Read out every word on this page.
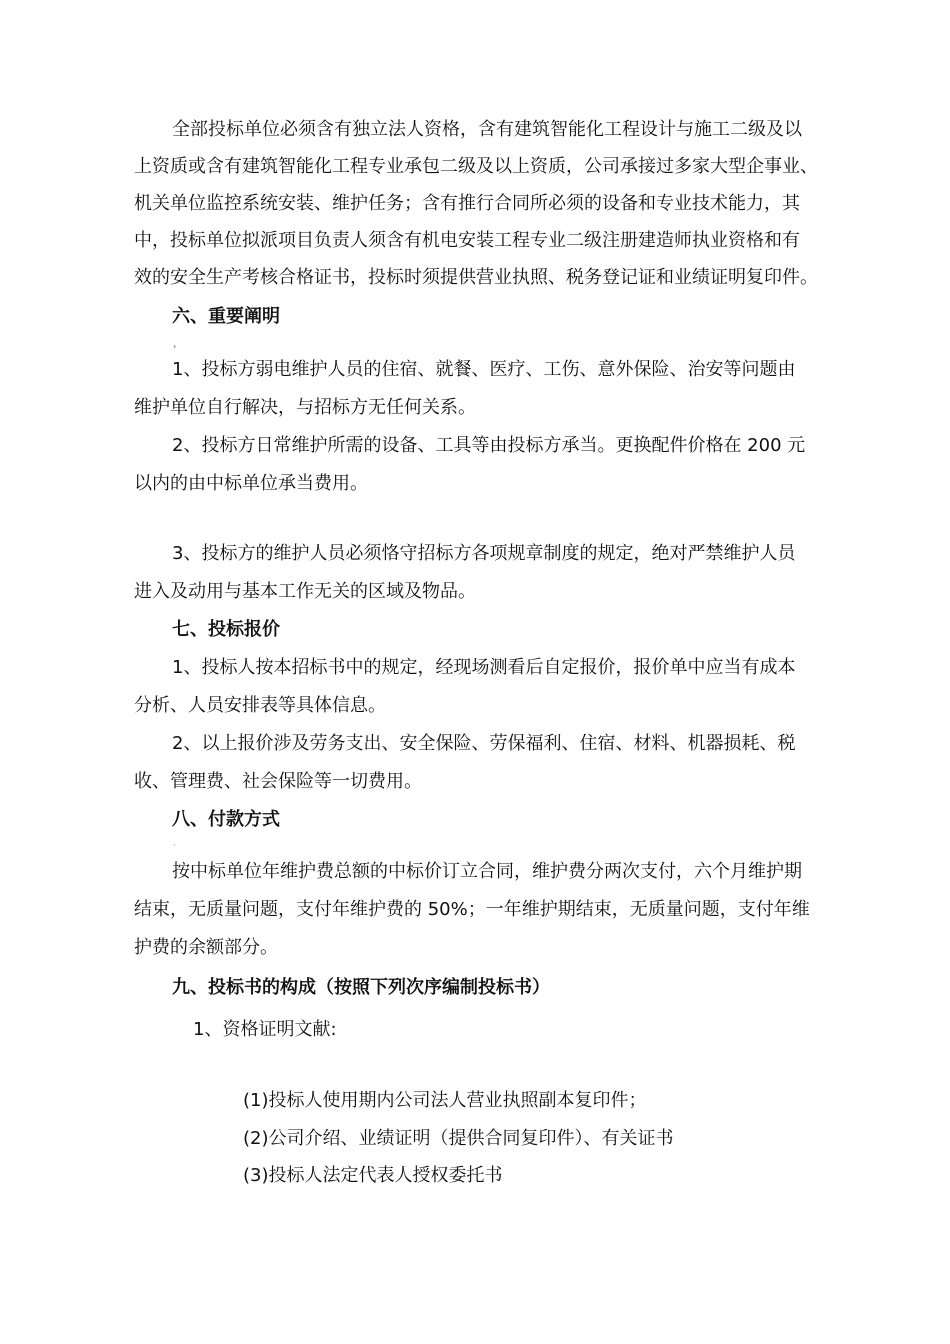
全部投标单位必须含有独立法人资格，含有建筑智能化工程设计与施工二级及以
上资质或含有建筑智能化工程专业承包二级及以上资质，公司承接过多家大型企事业、
机关单位监控系统安装、维护任务；含有推行合同所必须的设备和专业技术能力，其
中，投标单位拟派项目负责人须含有机电安装工程专业二级注册建造师执业资格和有
效的安全生产考核合格证书，投标时须提供营业执照、税务登记证和业绩证明复印件。
六、重要阐明
›
1、投标方弱电维护人员的住宿、就餐、医疗、工伤、意外保险、治安等问题由
维护单位自行解决，与招标方无任何关系。
2、投标方日常维护所需的设备、工具等由投标方承当。更换配件价格在 200 元
以内的由中标单位承当费用。
3、投标方的维护人员必须恪守招标方各项规章制度的规定，绝对严禁维护人员
进入及动用与基本工作无关的区域及物品。
七、投标报价
1、投标人按本招标书中的规定，经现场测看后自定报价，报价单中应当有成本
分析、人员安排表等具体信息。
2、以上报价涉及劳务支出、安全保险、劳保福利、住宿、材料、机器损耗、税
收、管理费、社会保险等一切费用。
八、付款方式
·
按中标单位年维护费总额的中标价订立合同，维护费分两次支付，六个月维护期
结束，无质量问题，支付年维护费的 50%；一年维护期结束，无质量问题，支付年维
护费的余额部分。
九、投标书的构成（按照下列次序编制投标书）
1、资格证明文献:
(1)投标人使用期内公司法人营业执照副本复印件；
(2)公司介绍、业绩证明（提供合同复印件）、有关证书
(3)投标人法定代表人授权委托书
